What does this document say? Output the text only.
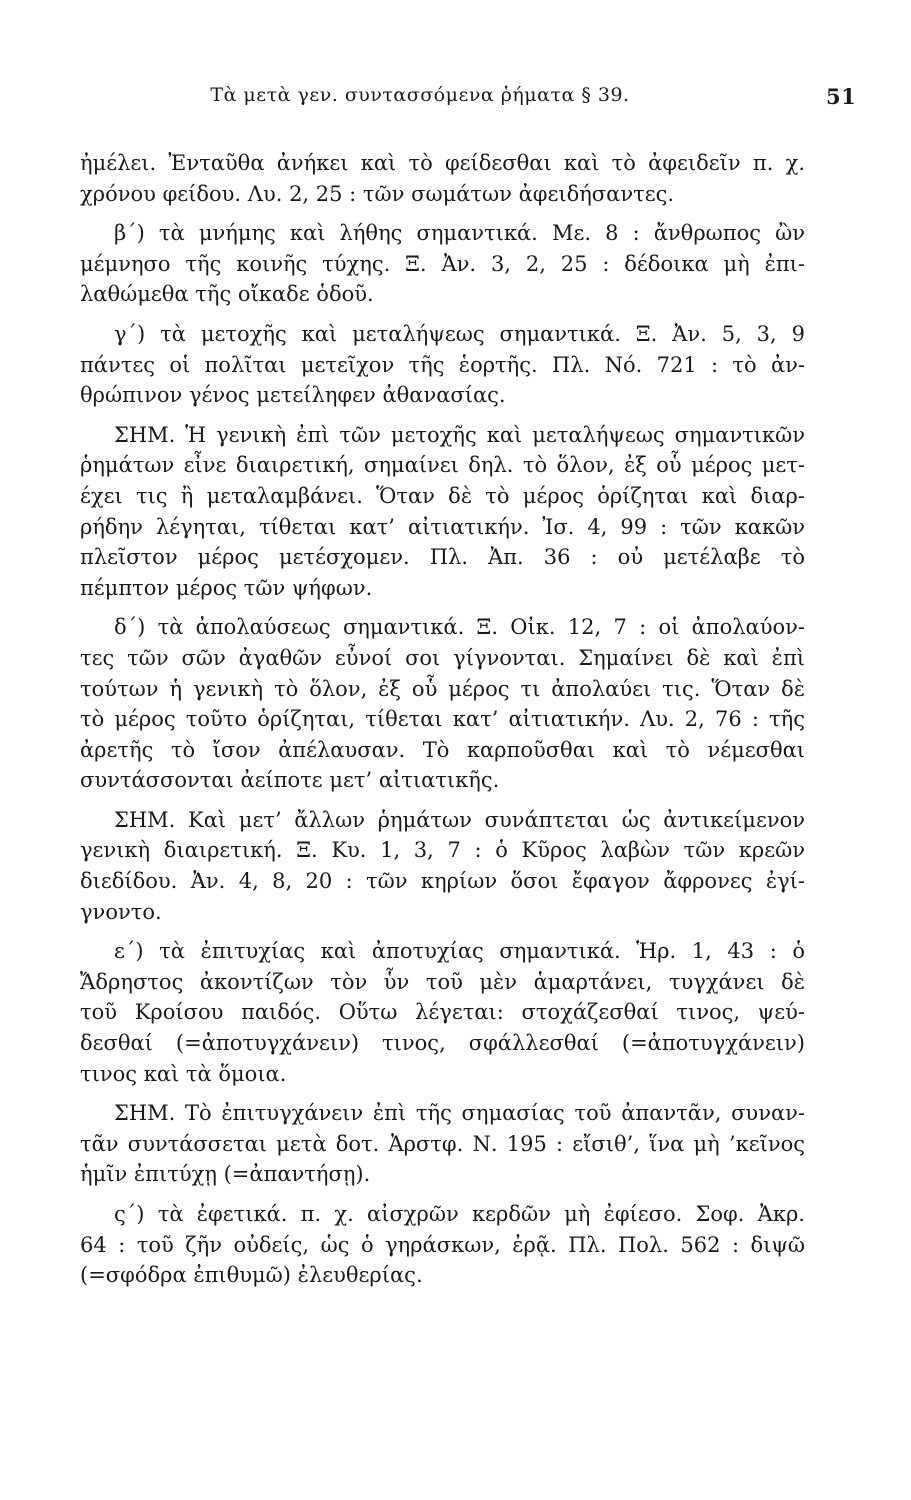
Τὰ μετὰ γεν. συντασσόμενα ῥήματα § 39.	51
ἠμέλει. Ἐνταῦθα ἀνήκει καὶ τὸ φείδεσθαι καὶ τὸ ἀφειδεῖν π. χ.
χρόνου φείδου. Λυ. 2, 25 : τῶν σωμάτων ἀφειδήσαντες.
β΄) τὰ μνήμης καὶ λήθης σημαντικά. Με. 8 : ἄνθρωπος ὢν
μέμνησο τῆς κοινῆς τύχης. Ξ. Ἀν. 3, 2, 25 : δέδοικα μὴ ἐπι-
λαθώμεθα τῆς οἴκαδε ὁδοῦ.
γ΄) τὰ μετοχῆς καὶ μεταλήψεως σημαντικά. Ξ. Ἀν. 5, 3, 9
πάντες οἱ πολῖται μετεῖχον τῆς ἑορτῆς. Πλ. Νό. 721 : τὸ ἀν-
θρώπινον γένος μετείληφεν ἀθανασίας.
ΣΗΜ. Ἡ γενικὴ ἐπὶ τῶν μετοχῆς καὶ μεταλήψεως σημαντικῶν
ῥημάτων εἶνε διαιρετική, σημαίνει δηλ. τὸ ὅλον, ἐξ οὗ μέρος μετ-
έχει τις ἢ μεταλαμβάνει. Ὅταν δὲ τὸ μέρος ὁρίζηται καὶ διαρ-
ρήδην λέγηται, τίθεται κατ’ αἰτιατικήν. Ἰσ. 4, 99 : τῶν κακῶν
πλεῖστον μέρος μετέσχομεν. Πλ. Ἀπ. 36 : οὐ μετέλαβε τὸ
πέμπτον μέρος τῶν ψήφων.
δ΄) τὰ ἀπολαύσεως σημαντικά. Ξ. Οἰκ. 12, 7 : οἱ ἀπολαύον-
τες τῶν σῶν ἀγαθῶν εὖνοί σοι γίγνονται. Σημαίνει δὲ καὶ ἐπὶ
τούτων ἡ γενικὴ τὸ ὅλον, ἐξ οὗ μέρος τι ἀπολαύει τις. Ὅταν δὲ
τὸ μέρος τοῦτο ὁρίζηται, τίθεται κατ’ αἰτιατικήν. Λυ. 2, 76 : τῆς
ἀρετῆς τὸ ἴσον ἀπέλαυσαν. Τὸ καρποῦσθαι καὶ τὸ νέμεσθαι
συντάσσονται ἀείποτε μετ’ αἰτιατικῆς.
ΣΗΜ. Καὶ μετ’ ἄλλων ῥημάτων συνάπτεται ὡς ἀντικείμενον
γενικὴ διαιρετική. Ξ. Κυ. 1, 3, 7 : ὁ Κῦρος λαβὼν τῶν κρεῶν
διεδίδου. Ἀν. 4, 8, 20 : τῶν κηρίων ὅσοι ἔφαγον ἄφρονες ἐγί-
γνοντο.
ε΄) τὰ ἐπιτυχίας καὶ ἀποτυχίας σημαντικά. Ἡρ. 1, 43 : ὁ
Ἄδρηστος ἀκοντίζων τὸν ὗν τοῦ μὲν ἁμαρτάνει, τυγχάνει δὲ
τοῦ Κροίσου παιδός. Οὕτω λέγεται: στοχάζεσθαί τινος, ψεύ-
δεσθαί (=ἀποτυγχάνειν) τινος, σφάλλεσθαί (=ἀποτυγχάνειν)
τινος καὶ τὰ ὅμοια.
ΣΗΜ. Τὸ ἐπιτυγχάνειν ἐπὶ τῆς σημασίας τοῦ ἀπαντᾶν, συναν-
τᾶν συντάσσεται μετὰ δοτ. Ἀρστφ. Ν. 195 : εἴσιθ’, ἵνα μὴ ’κεῖνος
ἡμῖν ἐπιτύχῃ (=ἀπαντήσῃ).
ς΄) τὰ ἐφετικά. π. χ. αἰσχρῶν κερδῶν μὴ ἐφίεσο. Σοφ. Ἀκρ.
64 : τοῦ ζῆν οὐδείς, ὡς ὁ γηράσκων, ἐρᾷ. Πλ. Πολ. 562 : διψῶ
(=σφόδρα ἐπιθυμῶ) ἐλευθερίας.
